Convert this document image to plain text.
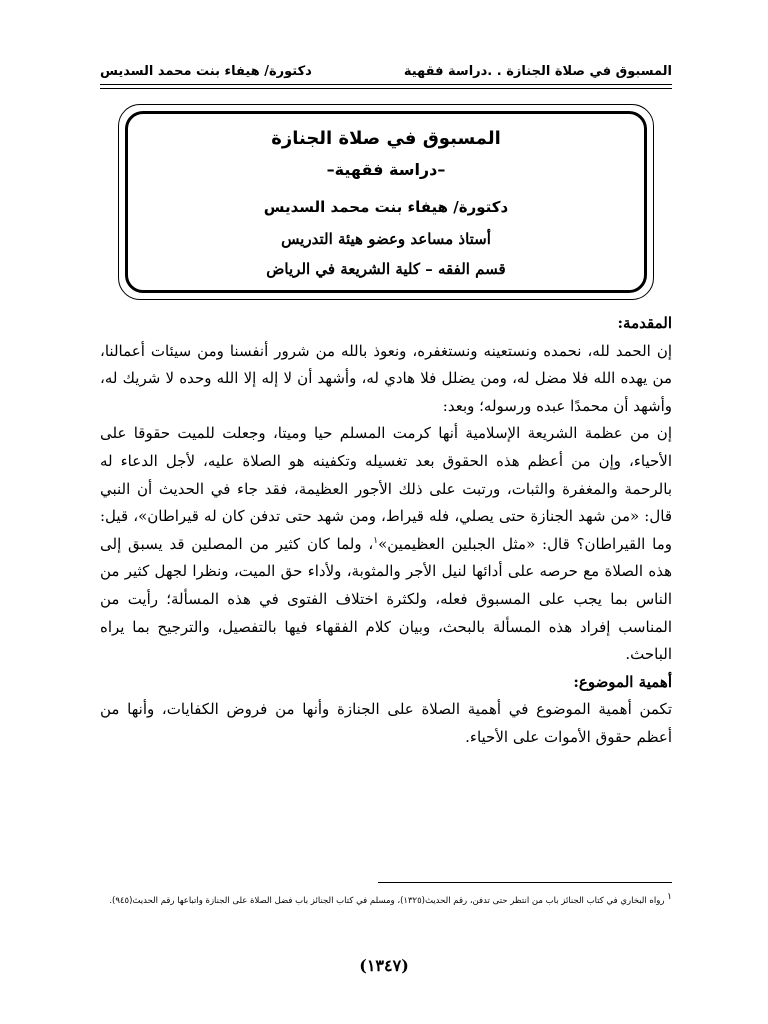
المسبوق في صلاة الجنازة . .دراسة فقهية
دكتورة/ هيفاء بنت محمد السديس
المسبوق في صلاة الجنازة
–دراسة فقهية–
دكتورة/ هيفاء بنت محمد السديس
أستاذ مساعد وعضو هيئة التدريس
قسم الفقه – كلية الشريعة في الرياض

المقدمة:

إن الحمد لله، نحمده ونستعينه ونستغفره، ونعوذ بالله من شرور أنفسنا ومن سيئات أعمالنا، من يهده الله فلا مضل له، ومن يضلل فلا هادي له، وأشهد أن لا إله إلا الله وحده لا شريك له، وأشهد أن محمدًا عبده ورسوله؛ وبعد:

إن من عظمة الشريعة الإسلامية أنها كرمت المسلم حيا وميتا، وجعلت للميت حقوقا على الأحياء، وإن من أعظم هذه الحقوق بعد تغسيله وتكفينه هو الصلاة عليه، لأجل الدعاء له بالرحمة والمغفرة والثبات، ورتبت على ذلك الأجور العظيمة، فقد جاء في الحديث أن النبي قال: «من شهد الجنازة حتى يصلي، فله قيراط، ومن شهد حتى تدفن كان له قيراطان»، قيل: وما القيراطان؟ قال: «مثل الجبلين العظيمين»$^١$، ولما كان كثير من المصلين قد يسبق إلى هذه الصلاة مع حرصه على أدائها لنيل الأجر والمثوبة، ولأداء حق الميت، ونظرا لجهل كثير من الناس بما يجب على المسبوق فعله، ولكثرة اختلاف الفتوى في هذه المسألة؛ رأيت من المناسب إفراد هذه المسألة بالبحث، وبيان كلام الفقهاء فيها بالتفصيل، والترجيح بما يراه الباحث.

أهمية الموضوع:

تكمن أهمية الموضوع في أهمية الصلاة على الجنازة وأنها من فروض الكفايات، وأنها من أعظم حقوق الأموات على الأحياء.

$^١$ رواه البخاري في كتاب الجنائز باب من انتظر حتى تدفن، رقم الحديث(١٣٢٥)، ومسلم في كتاب الجنائز باب فضل الصلاة على الجنازة واتباعها رقم الحديث(٩٤٥).
(١٣٤٧)
